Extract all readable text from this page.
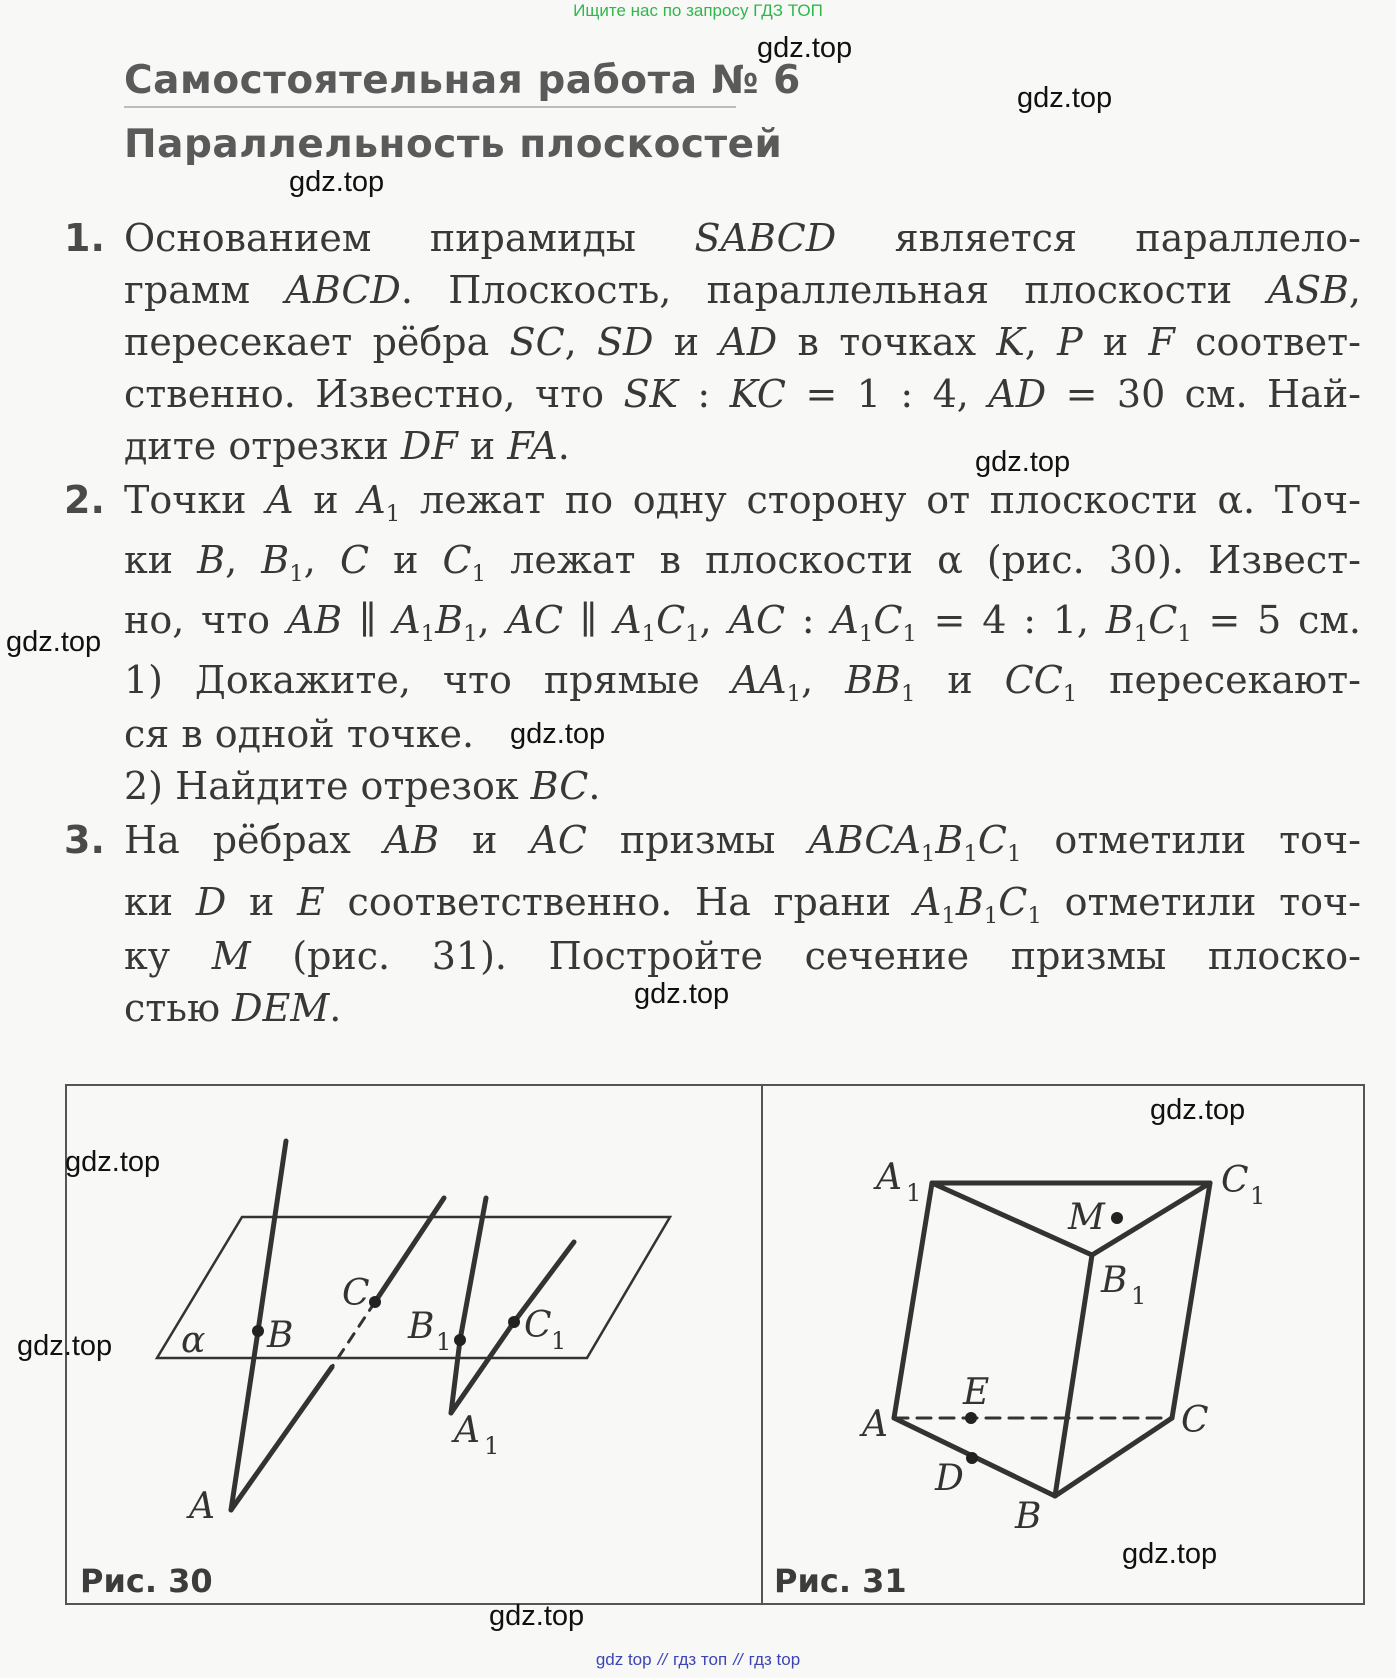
Ищите нас по запросу ГДЗ ТОП
Самостоятельная работа № 6
Параллельность плоскостей
1. Основанием пирамиды SABCD является параллело-
грамм ABCD. Плоскость, параллельная плоскости ASB,
пересекает рёбра SC, SD и AD в точках K, P и F соответ-
ственно. Известно, что SK : KC = 1 : 4, AD = 30 см. Най-
дите отрезки DF и FA.
2. Точки A и $A_1$ лежат по одну сторону от плоскости α. Точ-
ки B, $B_1$, C и $C_1$ лежат в плоскости α (рис. 30). Извест-
но, что AB ∥ $A_1B_1$, AC ∥ $A_1C_1$, AC : $A_1C_1 = 4$ : 1, $B_1C_1 = 5$ см.
1) Докажите, что прямые $AA_1$, $BB_1$ и $CC_1$ пересекают-
ся в одной точке.
2) Найдите отрезок BC.
3. На рёбрах AB и AC призмы $ABCA_1B_1C_1$ отметили точ-
ки D и E соответственно. На грани $A_1B_1C_1$ отметили точ-
ку M (рис. 31). Постройте сечение призмы плоско-
стью DEM.
α B
C
B 1 C 1
A 1
A
A 1	C 1
M
B 1
E
A	C
D
B
Рис. 30	Рис. 31
gdz.top
gdz.top
gdz.top
gdz.top
gdz.top
gdz.top
gdz.top
gdz.top
gdz.top
gdz.top
gdz.top
gdz.top
gdz top // гдз топ // гдз top
